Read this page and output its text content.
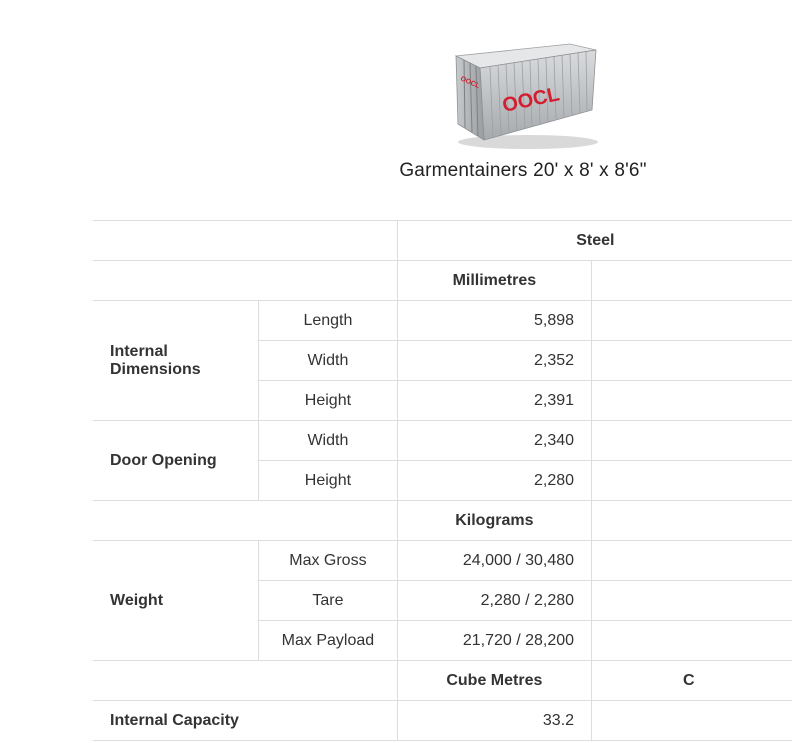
OOCL
OOCL
Garmentainers 20' x 8' x 8'6"
		Steel	
		Millimetres	
Internal Dimensions	Length	5,898	
	Width	2,352	
	Height	2,391	
Door Opening	Width	2,340	
	Height	2,280	
		Kilograms	
Weight	Max Gross	24,000 / 30,480	
	Tare	2,280 / 2,280	
	Max Payload	21,720 / 28,200	
		Cube Metres	C
Internal Capacity		33.2	
